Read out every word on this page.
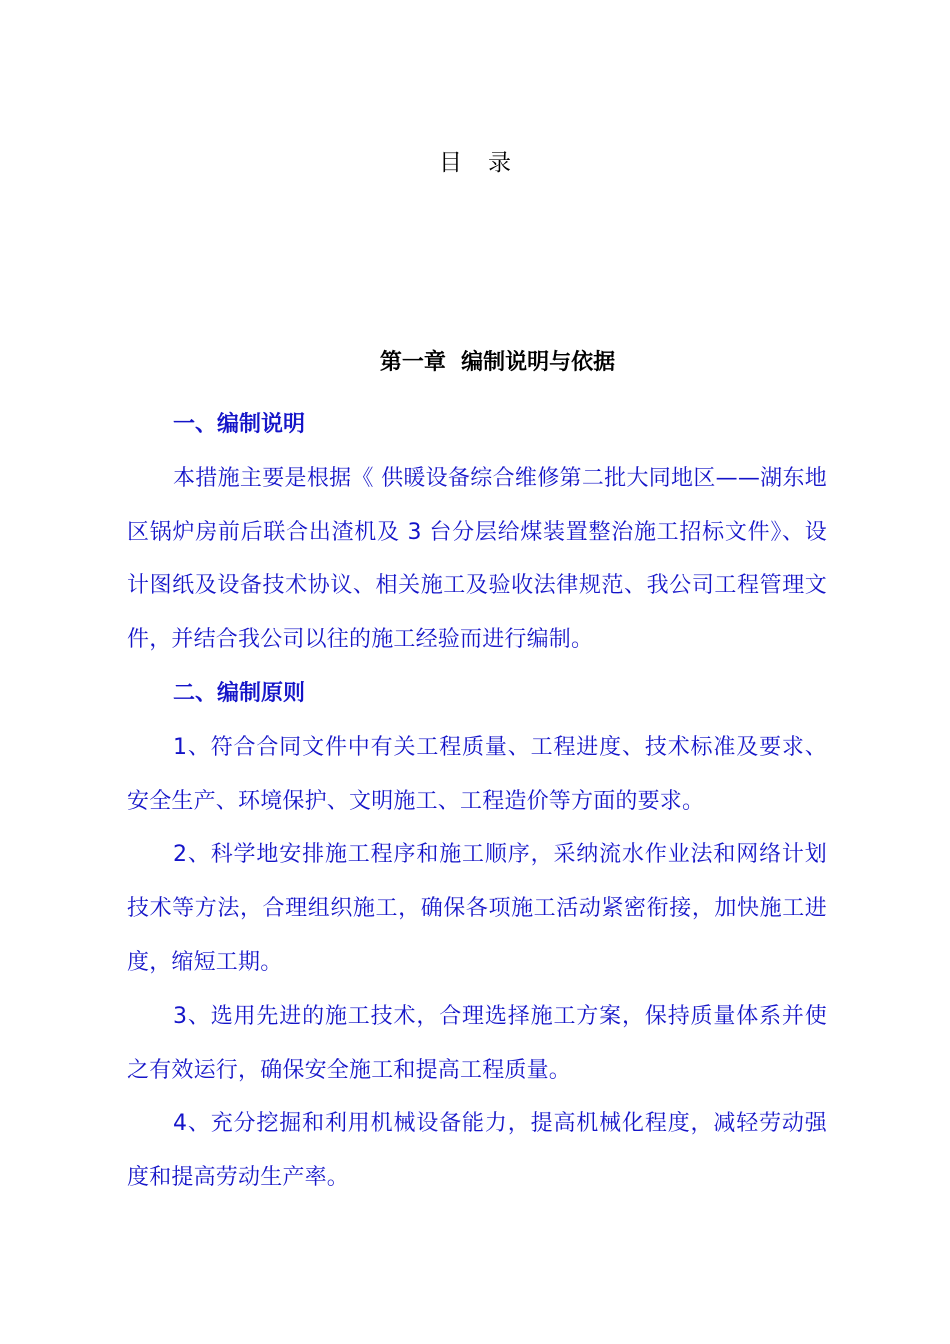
目录
第一章  编制说明与依据
一、编制说明

本措施主要是根据《 供暖设备综合维修第二批大同地区——湖东地区锅炉房前后联合出渣机及 3 台分层给煤装置整治施工招标文件》、设计图纸及设备技术协议、相关施工及验收法律规范、我公司工程管理文件，并结合我公司以往的施工经验而进行编制。

二、编制原则

1、符合合同文件中有关工程质量、工程进度、技术标准及要求、安全生产、环境保护、文明施工、工程造价等方面的要求。

2、科学地安排施工程序和施工顺序，采纳流水作业法和网络计划技术等方法，合理组织施工，确保各项施工活动紧密衔接，加快施工进度，缩短工期。

3、选用先进的施工技术，合理选择施工方案，保持质量体系并使之有效运行，确保安全施工和提高工程质量。

4、充分挖掘和利用机械设备能力，提高机械化程度，减轻劳动强度和提高劳动生产率。
